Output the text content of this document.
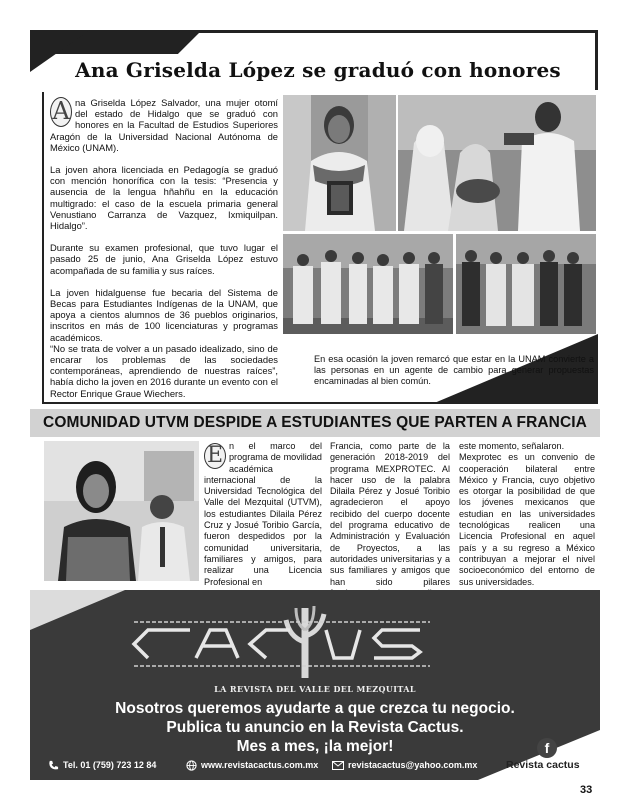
Ana Griselda López se graduó con honores

A na Griselda López Salvador, una mujer otomí del estado de Hidalgo que se graduó con honores en la Facultad de Estudios Superiores Aragón de la Universidad Nacional Autónoma de México (UNAM).

La joven ahora licenciada en Pedagogía se graduó con mención honorífica con la tesis: “Presencia y ausencia de la lengua hñahñu en la educación multigrado: el caso de la escuela primaria general Venustiano Carranza de Vazquez, Ixmiquilpan. Hidalgo”.

Durante su examen profesional, que tuvo lugar el pasado 25 de junio, Ana Griselda López estuvo acompañada de su familia y sus raíces.

La joven hidalguense fue becaria del Sistema de Becas para Estudiantes Indígenas de la UNAM, que apoya a cientos alumnos de 36 pueblos originarios, inscritos en más de 100 licenciaturas y programas académicos.

“No se trata de volver a un pasado idealizado, sino de encarar los problemas de las sociedades contemporáneas, aprendiendo de nuestras raíces”, había dicho la joven en 2016 durante un evento con el Rector Enrique Graue Wiechers.

En esa ocasión la joven remarcó que estar en la UNAM convierte a las personas en un agente de cambio para generar propuestas encaminadas al bien común.

COMUNIDAD UTVM DESPIDE A ESTUDIANTES QUE PARTEN A FRANCIA
E n el marco del programa de movilidad académica internacional de la Universidad Tecnológica del Valle del Mezquital (UTVM), los estudiantes Dilaila Pérez Cruz y Josué Toribio García, fueron despedidos por la comunidad universitaria, familiares y amigos, para realizar una Licencia Profesional en
Francia, como parte de la generación 2018-2019 del programa MEXPROTEC. Al hacer uso de la palabra Dilaila Pérez y Josué Toribio agradecieron el apoyo recibido del cuerpo docente del programa educativo de Administración y Evaluación de Proyectos, a las autoridades universitarias y a sus familiares y amigos que han sido pilares
este momento, señalaron.
Mexprotec es un convenio de cooperación bilateral entre México y Francia, cuyo objetivo es otorgar la posibilidad de que los jóvenes mexicanos que estudian en las universidades tecnológicas realicen una Licencia Profesional en aquel país y a su regreso a México contribuyan a mejorar el nivel socioeconómico del entorno de sus universidades.
LA REVISTA DEL VALLE DEL MEZQUITAL
Nosotros queremos ayudarte a que crezca tu negocio.
Publica tu anuncio en la Revista Cactus.
Mes a mes, ¡la mejor!
Tel. 01 (759) 723 12 84	www.revistacactus.com.mx	revistacactus@yahoo.com.mx
f
Revista cactus
33
